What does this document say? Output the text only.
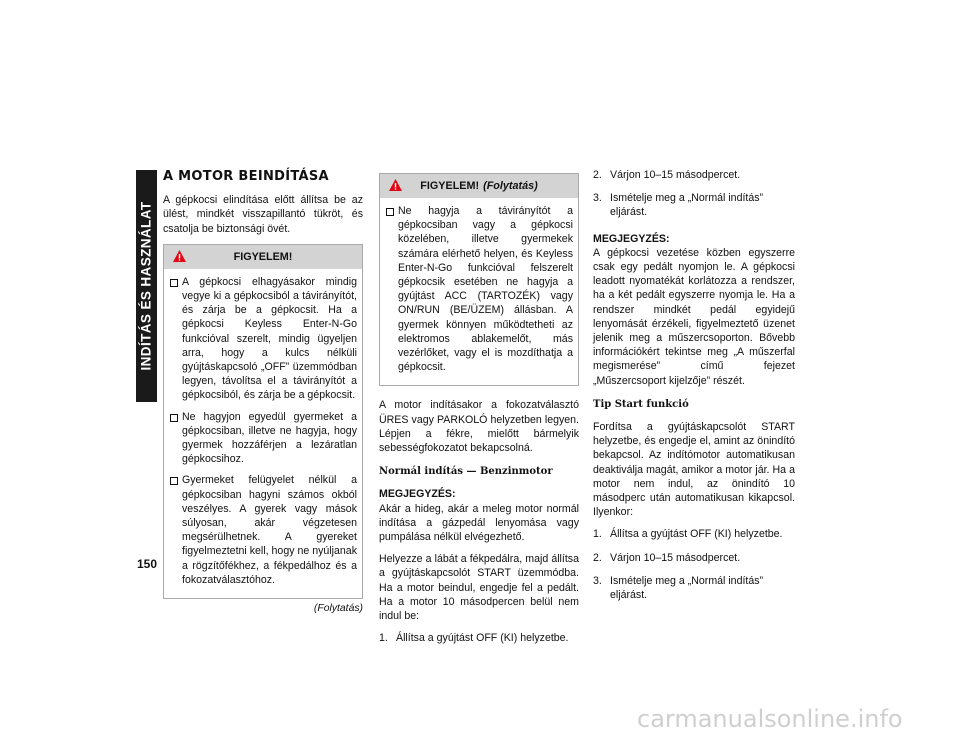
INDÍTÁS ÉS HASZNÁLAT
A MOTOR BEINDÍTÁSA

A gépkocsi elindítása előtt állítsa be az ülést, mindkét visszapillantó tükröt, és csatolja be biztonsági övét.

FIGYELEM!
A gépkocsi elhagyásakor mindig vegye ki a gépkocsiból a távirányítót, és zárja be a gépkocsit. Ha a gépkocsi Keyless Enter-N-Go funkcióval szerelt, mindig ügyeljen arra, hogy a kulcs nélküli gyújtáskapcsoló „OFF” üzemmódban legyen, távolítsa el a távirányítót a gépkocsiból, és zárja be a gépkocsit.
Ne hagyjon egyedül gyermeket a gépkocsiban, illetve ne hagyja, hogy gyermek hozzáférjen a lezáratlan gépkocsihoz.
Gyermeket felügyelet nélkül a gépkocsiban hagyni számos okból veszélyes. A gyerek vagy mások súlyosan, akár végzetesen megsérülhetnek. A gyereket figyelmeztetni kell, hogy ne nyúljanak a rögzítőfékhez, a fékpedálhoz és a fokozatválasztóhoz.
(Folytatás)
FIGYELEM! (Folytatás)
Ne hagyja a távirányítót a gépkocsiban vagy a gépkocsi közelében, illetve gyermekek számára elérhető helyen, és Keyless Enter-N-Go funkcióval felszerelt gépkocsik esetében ne hagyja a gyújtást ACC (TARTOZÉK) vagy ON/RUN (BE/ÜZEM) állásban. A gyermek könnyen működtetheti az elektromos ablakemelőt, más vezérlőket, vagy el is mozdíthatja a gépkocsit.

A motor indításakor a fokozatválasztó ÜRES vagy PARKOLÓ helyzetben legyen. Lépjen a fékre, mielőtt bármelyik sebességfokozatot bekapcsolná.

Normál indítás — Benzinmotor
MEGJEGYZÉS:

Akár a hideg, akár a meleg motor normál indítása a gázpedál lenyomása vagy pumpálása nélkül elvégezhető.

Helyezze a lábát a fékpedálra, majd állítsa a gyújtáskapcsolót START üzemmódba. Ha a motor beindul, engedje fel a pedált. Ha a motor 10 másodpercen belül nem indul be:

1. Állítsa a gyújtást OFF (KI) helyzetbe.
2. Várjon 10–15 másodpercet.
3. Ismételje meg a „Normál indítás” eljárást.
MEGJEGYZÉS:

A gépkocsi vezetése közben egyszerre csak egy pedált nyomjon le. A gépkocsi leadott nyomatékát korlátozza a rendszer, ha a két pedált egyszerre nyomja le. Ha a rendszer mindkét pedál egyidejű lenyomását érzékeli, figyelmeztető üzenet jelenik meg a műszercsoporton. Bővebb információkért tekintse meg „A műszerfal megismerése” című fejezet „Műszercsoport kijelzője” részét.

Tip Start funkció

Fordítsa a gyújtáskapcsolót START helyzetbe, és engedje el, amint az önindító bekapcsol. Az indítómotor automatikusan deaktiválja magát, amikor a motor jár. Ha a motor nem indul, az önindító 10 másodperc után automatikusan kikapcsol. Ilyenkor:

1. Állítsa a gyújtást OFF (KI) helyzetbe.
2. Várjon 10–15 másodpercet.
3. Ismételje meg a „Normál indítás” eljárást.
150
carmanualsonline.info
